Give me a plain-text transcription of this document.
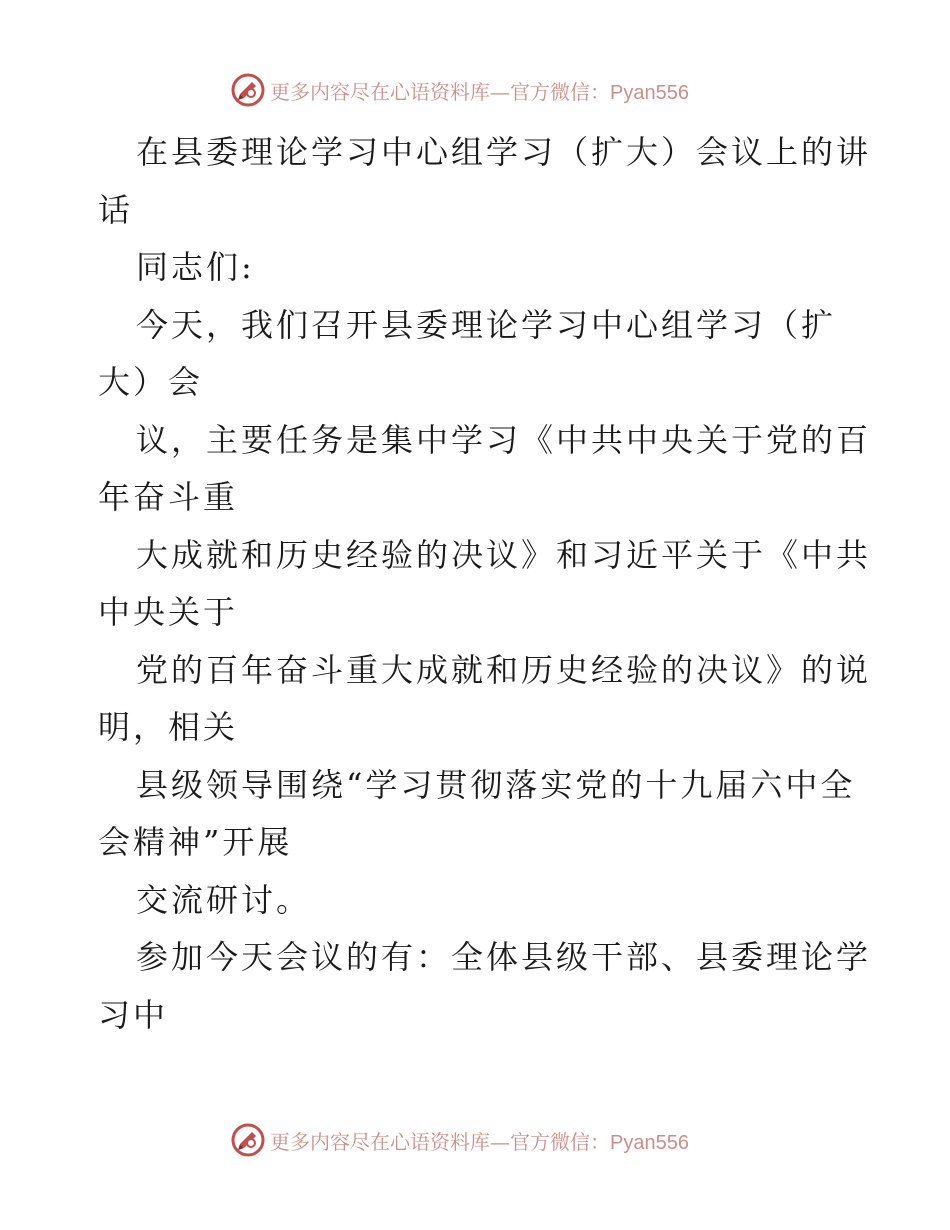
更多内容尽在心语资料库—官方微信：Pyan556
在县委理论学习中心组学习（扩大）会议上的讲
话
同志们:
今天，我们召开县委理论学习中心组学习（扩
大）会
议，主要任务是集中学习《中共中央关于党的百
年奋斗重
大成就和历史经验的决议》和习近平关于《中共
中央关于
党的百年奋斗重大成就和历史经验的决议》的说
明，相关
县级领导围绕“学习贯彻落实党的十九届六中全
会精神”开展
交流研讨。
参加今天会议的有：全体县级干部、县委理论学
习中
更多内容尽在心语资料库—官方微信：Pyan556
